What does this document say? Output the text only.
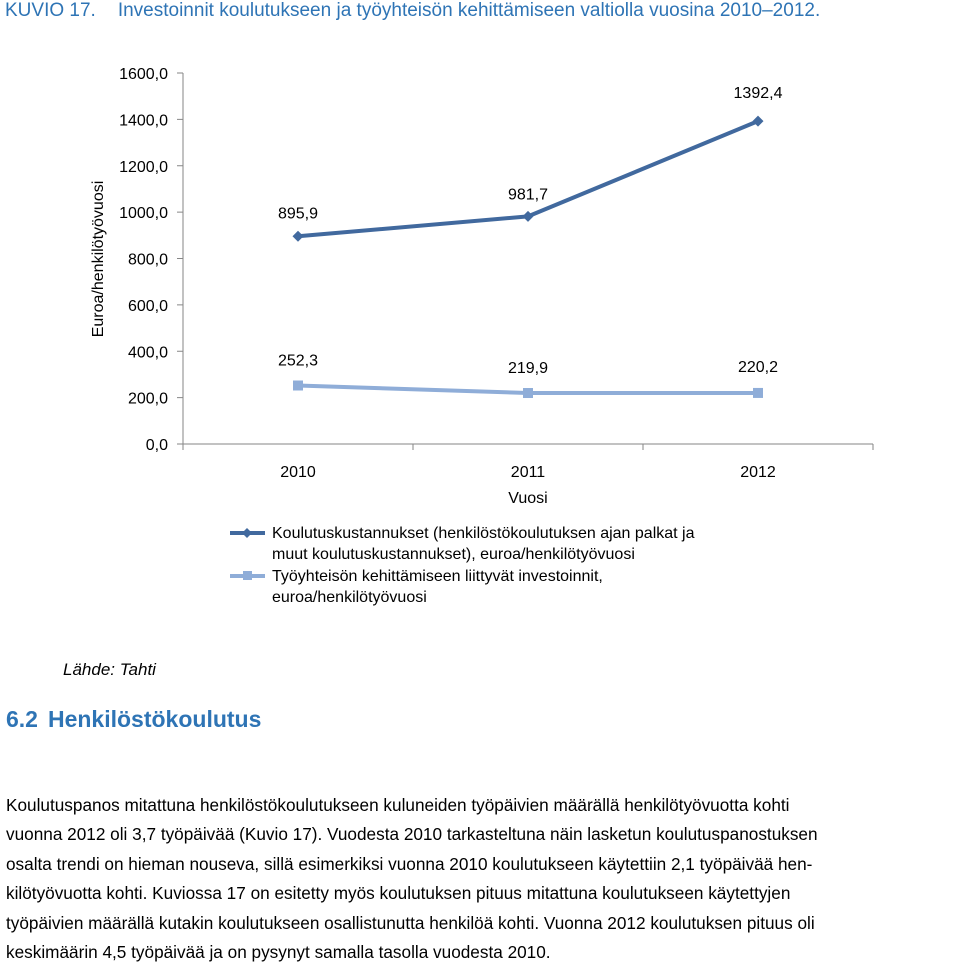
KUVIO 17. Investoinnit koulutukseen ja työyhteisön kehittämiseen valtiolla vuosina 2010–2012.
0,0
200,0
400,0
600,0
800,0
1000,0
1200,0
1400,0
1600,0
2010	2011	2012
Vuosi
Euroa/henkilötyövuosi	895,9
981,7
1392,4
252,3	219,9	220,2
Koulutuskustannukset (henkilöstökoulutuksen ajan palkat ja
muut koulutuskustannukset), euroa/henkilötyövuosi
Työyhteisön kehittämiseen liittyvät investoinnit,
euroa/henkilötyövuosi
Lähde: Tahti
6.2 Henkilöstökoulutus
Koulutuspanos mitattuna henkilöstökoulutukseen kuluneiden työpäivien määrällä henkilötyövuotta kohti
vuonna 2012 oli 3,7 työpäivää (Kuvio 17). Vuodesta 2010 tarkasteltuna näin lasketun koulutuspanostuksen
osalta trendi on hieman nouseva, sillä esimerkiksi vuonna 2010 koulutukseen käytettiin 2,1 työpäivää hen-
kilötyövuotta kohti. Kuviossa 17 on esitetty myös koulutuksen pituus mitattuna koulutukseen käytettyjen
työpäivien määrällä kutakin koulutukseen osallistunutta henkilöä kohti. Vuonna 2012 koulutuksen pituus oli
keskimäärin 4,5 työpäivää ja on pysynyt samalla tasolla vuodesta 2010.
